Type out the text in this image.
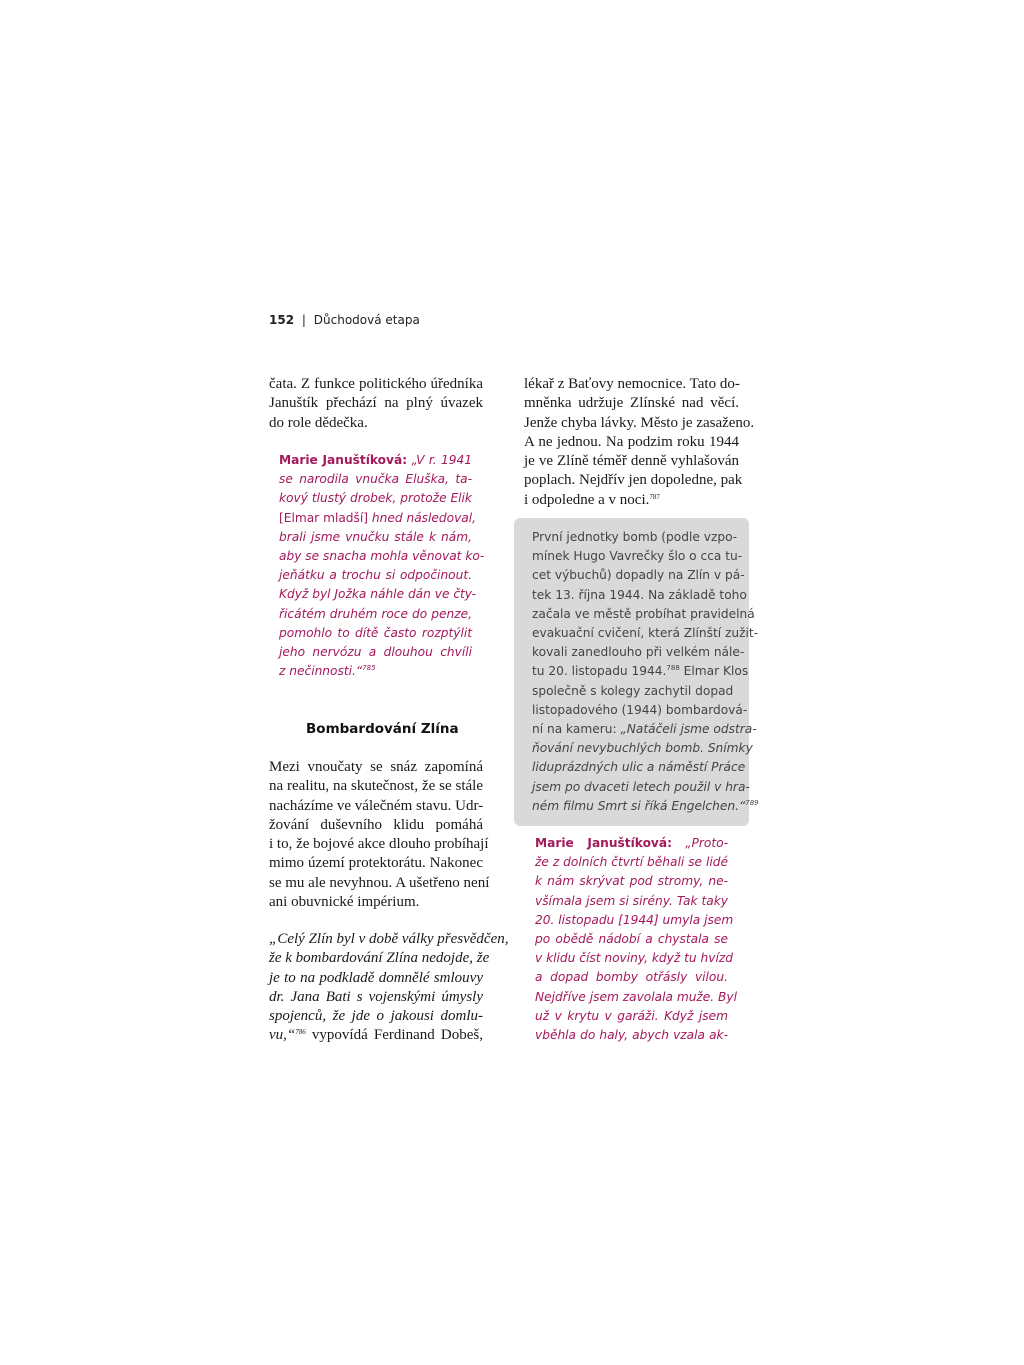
152 | Důchodová etapa
čata. Z funkce politického úředníka
Januštík přechází na plný úvazek
do role dědečka.
Marie Januštíková: „V r. 1941
se narodila vnučka Eluška, ta-
kový tlustý drobek, protože Elik
[Elmar mladší] hned následoval,
brali jsme vnučku stále k nám,
aby se snacha mohla věnovat ko-
jeňátku a trochu si odpočinout.
Když byl Jožka náhle dán ve čty-
řicátém druhém roce do penze,
pomohlo to dítě často rozptýlit
jeho nervózu a dlouhou chvíli
z nečinnosti.“$^{785}$
Bombardování Zlína
Mezi vnoučaty se snáz zapomíná
na realitu, na skutečnost, že se stále
nacházíme ve válečném stavu. Udr-
žování duševního klidu pomáhá
i to, že bojové akce dlouho probíhají
mimo území protektorátu. Nakonec
se mu ale nevyhnou. A ušetřeno není
ani obuvnické impérium.
„Celý Zlín byl v době války přesvědčen,
že k bombardování Zlína nedojde, že
je to na podkladě domnělé smlouvy
dr. Jana Bati s vojenskými úmysly
spojenců, že jde o jakousi domlu-
vu,“$^{786}$ vypovídá Ferdinand Dobeš,
lékař z Baťovy nemocnice. Tato do-
mněnka udržuje Zlínské nad věcí.
Jenže chyba lávky. Město je zasaženo.
A ne jednou. Na podzim roku 1944
je ve Zlíně téměř denně vyhlašován
poplach. Nejdřív jen dopoledne, pak
i odpoledne a v noci.$^{787}$
První jednotky bomb (podle vzpo-
mínek Hugo Vavrečky šlo o cca tu-
cet výbuchů) dopadly na Zlín v pá-
tek 13. října 1944. Na základě toho
začala ve městě probíhat pravidelná
evakuační cvičení, která Zlínští zužit-
kovali zanedlouho při velkém nále-
tu 20. listopadu 1944.$^{788}$ Elmar Klos
společně s kolegy zachytil dopad
listopadového (1944) bombardová-
ní na kameru: „Natáčeli jsme odstra-
ňování nevybuchlých bomb. Snímky
liduprázdných ulic a náměstí Práce
jsem po dvaceti letech použil v hra-
ném filmu Smrt si říká Engelchen.“$^{789}$
Marie Januštíková: „Proto-
že z dolních čtvrtí běhali se lidé
k nám skrývat pod stromy, ne-
všímala jsem si sirény. Tak taky
20. listopadu [1944] umyla jsem
po obědě nádobí a chystala se
v klidu číst noviny, když tu hvízd
a dopad bomby otřásly vilou.
Nejdříve jsem zavolala muže. Byl
už v krytu v garáži. Když jsem
vběhla do haly, abych vzala ak-
